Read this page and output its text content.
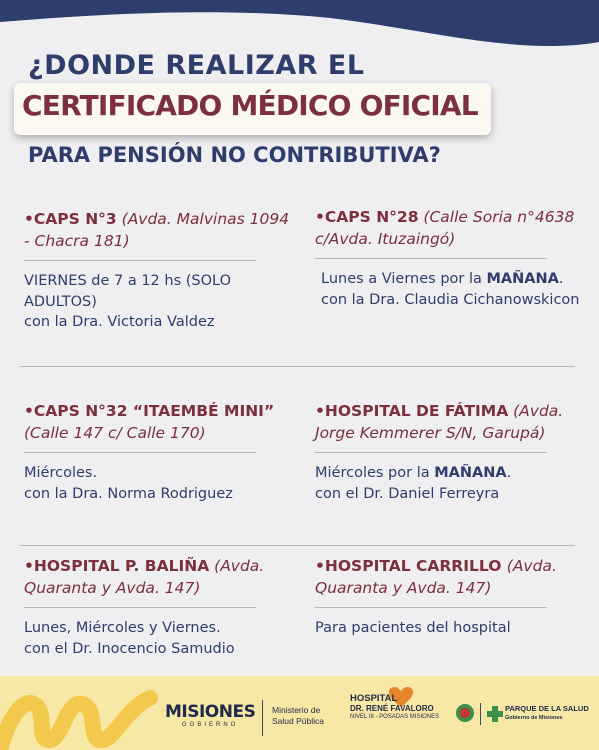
¿DONDE REALIZAR EL
CERTIFICADO MÉDICO OFICIAL
PARA PENSIÓN NO CONTRIBUTIVA?
•CAPS N°3 (Avda. Malvinas 1094 - Chacra 181)
VIERNES de 7 a 12 hs (SOLO ADULTOS)
con la Dra. Victoria Valdez
•CAPS N°28 (Calle Soria n°4638 c/Avda. Ituzaingó)
Lunes a Viernes por la MAÑANA.
con la Dra. Claudia Cichanowskicon
•CAPS N°32 “ITAEMBÉ MINI” (Calle 147 c/ Calle 170)
Miércoles.
con la Dra. Norma Rodriguez
•HOSPITAL DE FÁTIMA (Avda. Jorge Kemmerer S/N, Garupá)
Miércoles por la MAÑANA.
con el Dr. Daniel Ferreyra
•HOSPITAL P. BALIÑA (Avda. Quaranta y Avda. 147)
Lunes, Miércoles y Viernes.
con el Dr. Inocencio Samudio
•HOSPITAL CARRILLO (Avda. Quaranta y Avda. 147)
Para pacientes del hospital
MISIONES
GOBIERNO
Ministerio de
Salud Pública
HOSPITAL
DR. RENÉ FAVALORO
NIVEL III - POSADAS MISIONES
PARQUE DE LA SALUD
Gobierno de Misiones
